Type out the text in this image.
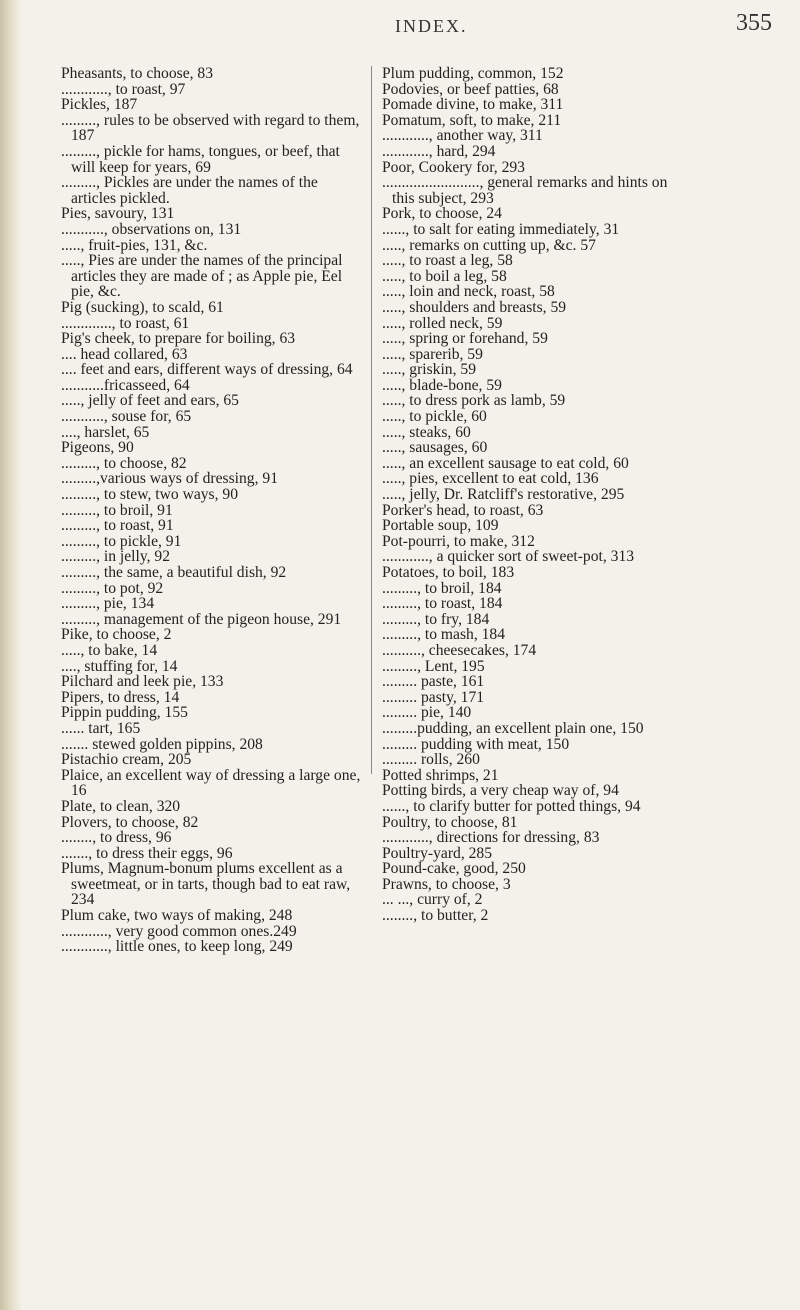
INDEX.	355

Pheasants, to choose, 83

............, to roast, 97

Pickles, 187

........., rules to be observed with regard to them, 187

........., pickle for hams, tongues, or beef, that will keep for years, 69

........., Pickles are under the names of the articles pickled.

Pies, savoury, 131

..........., observations on, 131

....., fruit-pies, 131, &c.

....., Pies are under the names of the principal articles they are made of ; as Apple pie, Eel pie, &c.

Pig (sucking), to scald, 61

............., to roast, 61

Pig's cheek, to prepare for boiling, 63

.... head collared, 63

.... feet and ears, different ways of dressing, 64

...........fricasseed, 64

....., jelly of feet and ears, 65

..........., souse for, 65

...., harslet, 65

Pigeons, 90

........., to choose, 82

.........,various ways of dressing, 91

........., to stew, two ways, 90

........., to broil, 91

........., to roast, 91

........., to pickle, 91

........., in jelly, 92

........., the same, a beautiful dish, 92

........., to pot, 92

........., pie, 134

........., management of the pigeon house, 291

Pike, to choose, 2

....., to bake, 14

...., stuffing for, 14

Pilchard and leek pie, 133

Pipers, to dress, 14

Pippin pudding, 155

...... tart, 165

....... stewed golden pippins, 208

Pistachio cream, 205

Plaice, an excellent way of dressing a large one, 16

Plate, to clean, 320

Plovers, to choose, 82

........, to dress, 96

......., to dress their eggs, 96

Plums, Magnum-bonum plums excellent as a sweetmeat, or in tarts, though bad to eat raw, 234

Plum cake, two ways of making, 248

............, very good common ones.249

............, little ones, to keep long, 249

Plum pudding, common, 152

Podovies, or beef patties, 68

Pomade divine, to make, 311

Pomatum, soft, to make, 211

............, another way, 311

............, hard, 294

Poor, Cookery for, 293

........................., general remarks and hints on this subject, 293

Pork, to choose, 24

......, to salt for eating immediately, 31

....., remarks on cutting up, &c. 57

....., to roast a leg, 58

....., to boil a leg, 58

....., loin and neck, roast, 58

....., shoulders and breasts, 59

....., rolled neck, 59

....., spring or forehand, 59

....., sparerib, 59

....., griskin, 59

....., blade-bone, 59

....., to dress pork as lamb, 59

....., to pickle, 60

....., steaks, 60

....., sausages, 60

....., an excellent sausage to eat cold, 60

....., pies, excellent to eat cold, 136

....., jelly, Dr. Ratcliff's restorative, 295

Porker's head, to roast, 63

Portable soup, 109

Pot-pourri, to make, 312

............, a quicker sort of sweet-pot, 313

Potatoes, to boil, 183

........., to broil, 184

........., to roast, 184

........., to fry, 184

........., to mash, 184

.........., cheesecakes, 174

........., Lent, 195

......... paste, 161

......... pasty, 171

......... pie, 140

.........pudding, an excellent plain one, 150

......... pudding with meat, 150

......... rolls, 260

Potted shrimps, 21

Potting birds, a very cheap way of, 94

......, to clarify butter for potted things, 94

Poultry, to choose, 81

............, directions for dressing, 83

Poultry-yard, 285

Pound-cake, good, 250

Prawns, to choose, 3

... ..., curry of, 2

........, to butter, 2
